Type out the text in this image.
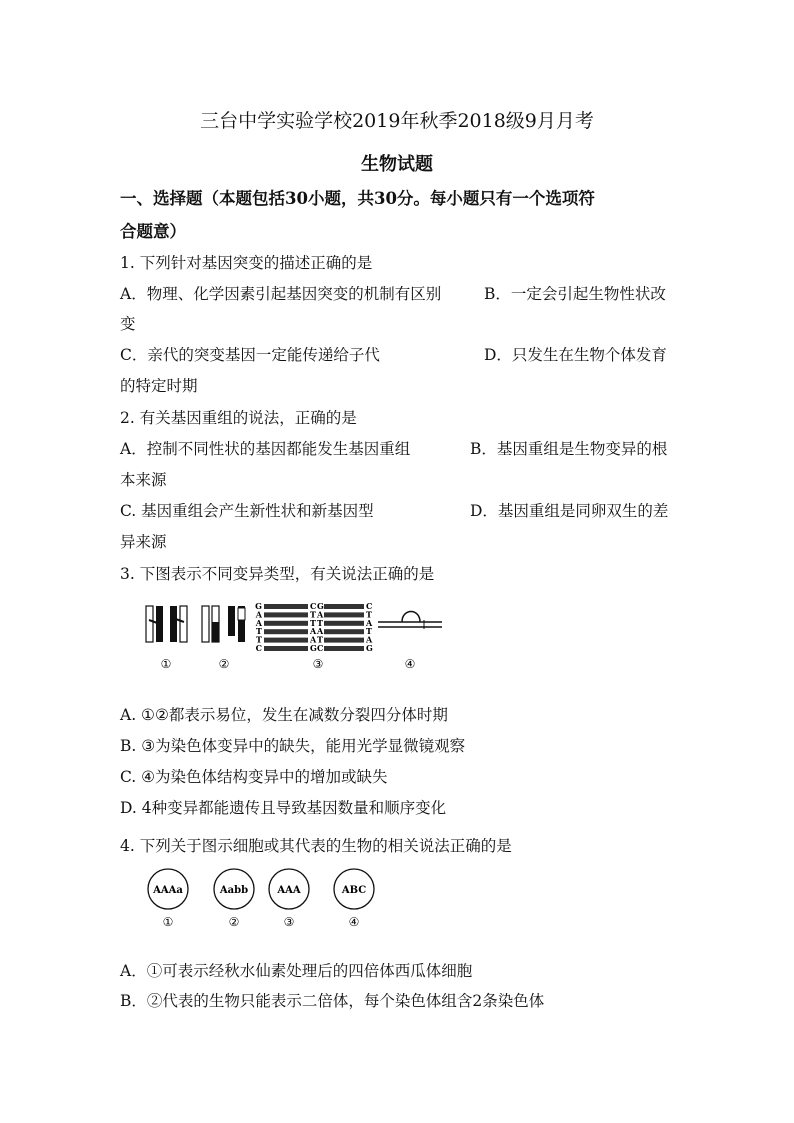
三台中学实验学校2019年秋季2018级9月月考
生物试题
一、选择题（本题包括30小题，共30分。每小题只有一个选项符
合题意）
1. 下列针对基因突变的描述正确的是
A．物理、化学因素引起基因突变的机制有区别	B．一定会引起生物性状改
变
C．亲代的突变基因一定能传递给子代	D．只发生在生物个体发育
的特定时期
2. 有关基因重组的说法，正确的是
A．控制不同性状的基因都能发生基因重组	B．基因重组是生物变异的根
本来源
C. 基因重组会产生新性状和新基因型	D．基因重组是同卵双生的差
异来源
3. 下图表示不同变异类型，有关说法正确的是
G
A
A
T
T
C
C
T
T
A
A
G
G
A
T
A
T
C
C
T
A
T
A
G
①	②	③	④
A. ①②都表示易位，发生在减数分裂四分体时期
B. ③为染色体变异中的缺失，能用光学显微镜观察
C. ④为染色体结构变异中的增加或缺失
D. 4种变异都能遗传且导致基因数量和顺序变化
4. 下列关于图示细胞或其代表的生物的相关说法正确的是
AAAa
①
Aabb
②
AAA
③
ABC
④
A．①可表示经秋水仙素处理后的四倍体西瓜体细胞
B．②代表的生物只能表示二倍体，每个染色体组含2条染色体
